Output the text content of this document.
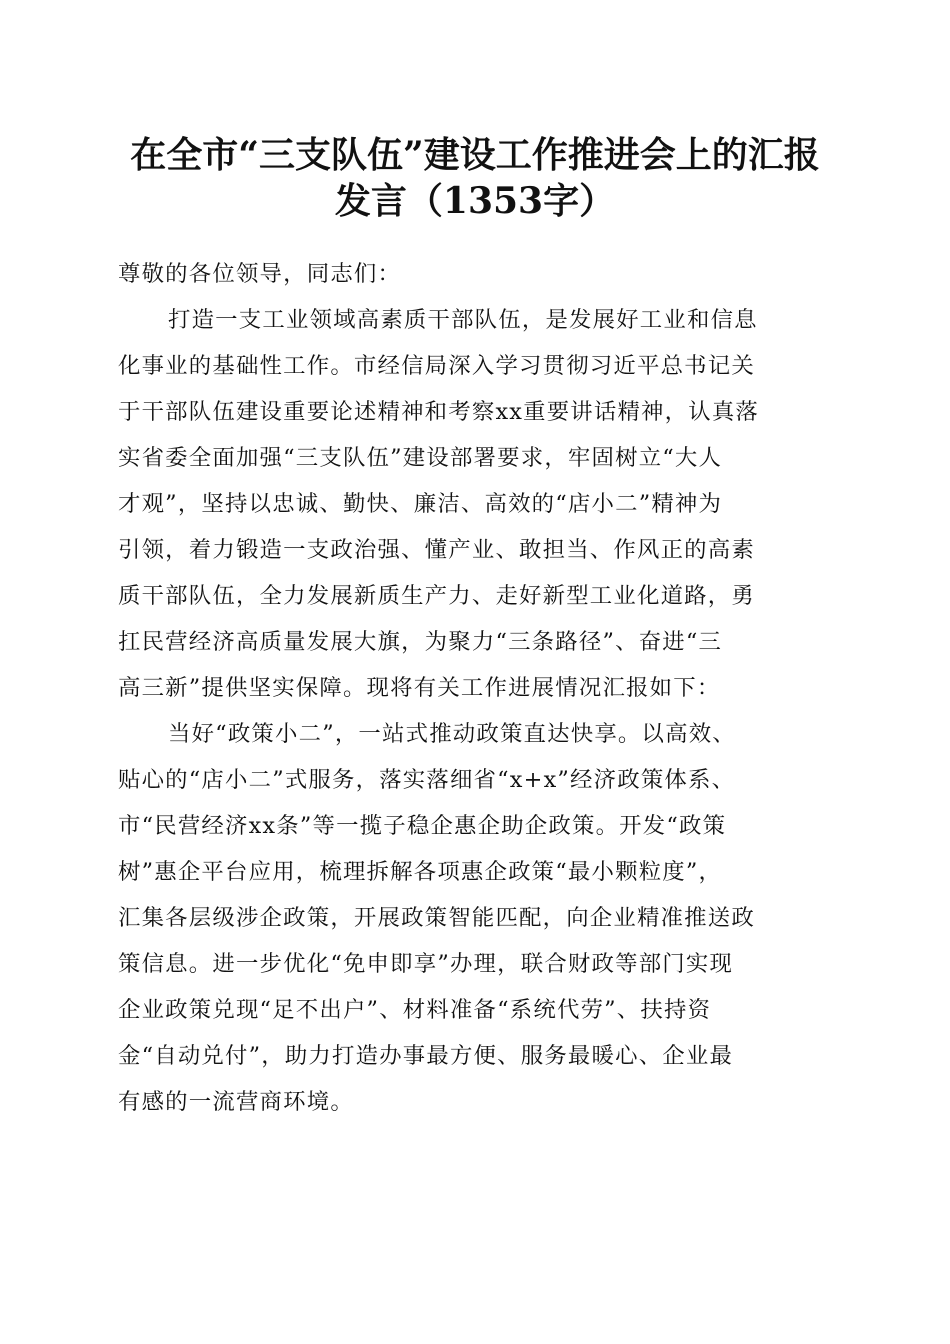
在全市“三支队伍”建设工作推进会上的汇报
发言（1353字）

尊敬的各位领导，同志们：

打造一支工业领域高素质干部队伍，是发展好工业和信息
化事业的基础性工作。市经信局深入学习贯彻习近平总书记关
于干部队伍建设重要论述精神和考察xx重要讲话精神，认真落
实省委全面加强“三支队伍”建设部署要求，牢固树立“大人
才观”，坚持以忠诚、勤快、廉洁、高效的“店小二”精神为
引领，着力锻造一支政治强、懂产业、敢担当、作风正的高素
质干部队伍，全力发展新质生产力、走好新型工业化道路，勇
扛民营经济高质量发展大旗，为聚力“三条路径”、奋进“三
高三新”提供坚实保障。现将有关工作进展情况汇报如下：

当好“政策小二”，一站式推动政策直达快享。以高效、
贴心的“店小二”式服务，落实落细省“x+x”经济政策体系、
市“民营经济xx条”等一揽子稳企惠企助企政策。开发“政策
树”惠企平台应用，梳理拆解各项惠企政策“最小颗粒度”，
汇集各层级涉企政策，开展政策智能匹配，向企业精准推送政
策信息。进一步优化“免申即享”办理，联合财政等部门实现
企业政策兑现“足不出户”、材料准备“系统代劳”、扶持资
金“自动兑付”，助力打造办事最方便、服务最暖心、企业最
有感的一流营商环境。
